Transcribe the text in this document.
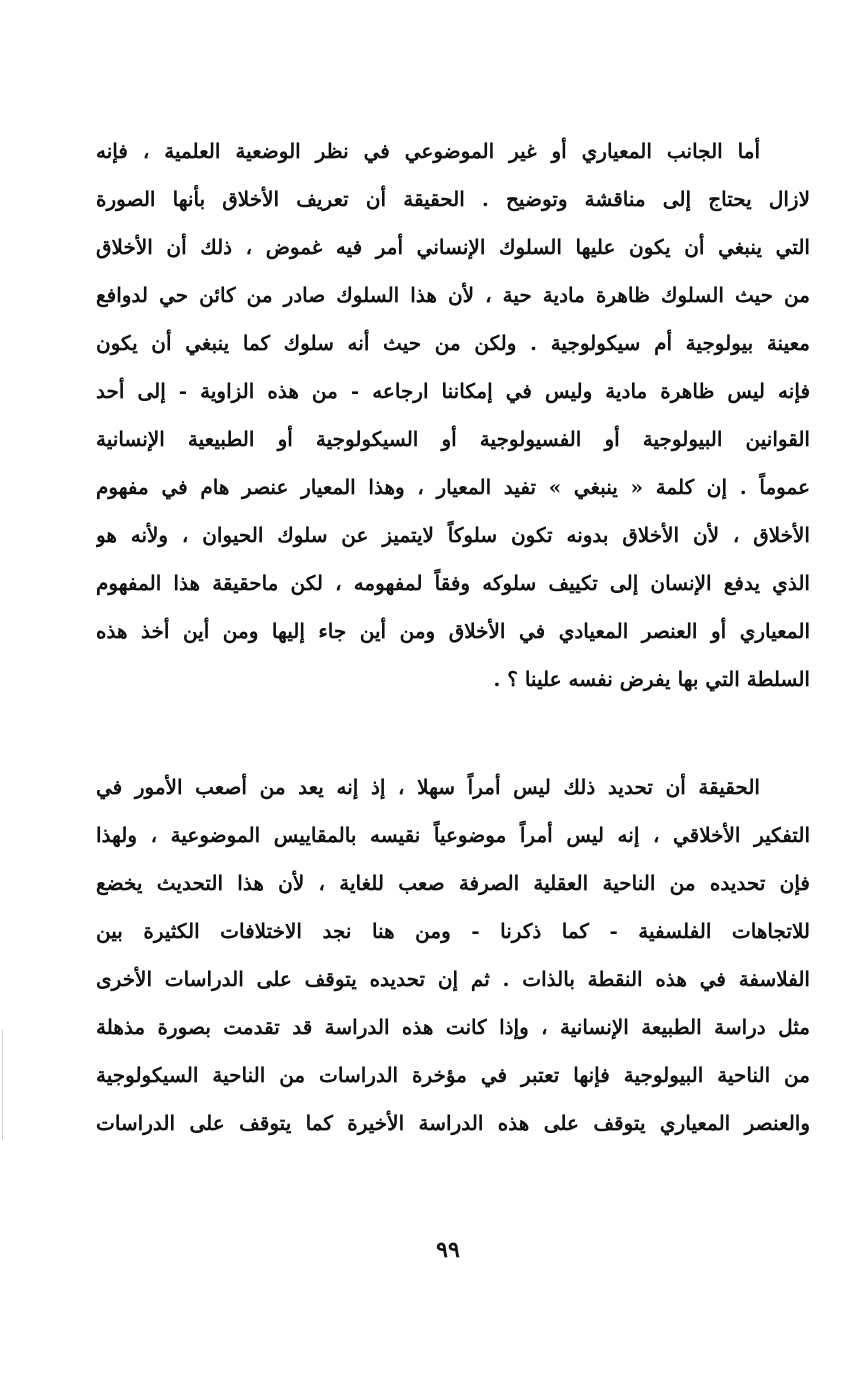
أما الجانب المعياري أو غير الموضوعي في نظر الوضعية العلمية ، فإنه
لازال يحتاج إلى مناقشة وتوضيح . الحقيقة أن تعريف الأخلاق بأنها الصورة
التي ينبغي أن يكون عليها السلوك الإنساني أمر فيه غموض ، ذلك أن الأخلاق
من حيث السلوك ظاهرة مادية حية ، لأن هذا السلوك صادر من كائن حي لدوافع
معينة بيولوجية أم سيكولوجية . ولكن من حيث أنه سلوك كما ينبغي أن يكون
فإنه ليس ظاهرة مادية وليس في إمكاننا ارجاعه - من هذه الزاوية - إلى أحد
القوانين البيولوجية أو الفسيولوجية أو السيكولوجية أو الطبيعية الإنسانية
عموماً . إن كلمة « ينبغي » تفيد المعيار ، وهذا المعيار عنصر هام في مفهوم
الأخلاق ، لأن الأخلاق بدونه تكون سلوكاً لايتميز عن سلوك الحيوان ، ولأنه هو
الذي يدفع الإنسان إلى تكييف سلوكه وفقاً لمفهومه ، لكن ماحقيقة هذا المفهوم
المعياري أو العنصر المعيادي في الأخلاق ومن أين جاء إليها ومن أين أخذ هذه
السلطة التي بها يفرض نفسه علينا ؟ .
الحقيقة أن تحديد ذلك ليس أمراً سهلا ، إذ إنه يعد من أصعب الأمور في
التفكير الأخلاقي ، إنه ليس أمراً موضوعياً نقيسه بالمقاييس الموضوعية ، ولهذا
فإن تحديده من الناحية العقلية الصرفة صعب للغاية ، لأن هذا التحديث يخضع
للاتجاهات الفلسفية - كما ذكرنا - ومن هنا نجد الاختلافات الكثيرة بين
الفلاسفة في هذه النقطة بالذات . ثم إن تحديده يتوقف على الدراسات الأخرى
مثل دراسة الطبيعة الإنسانية ، وإذا كانت هذه الدراسة قد تقدمت بصورة مذهلة
من الناحية البيولوجية فإنها تعتبر في مؤخرة الدراسات من الناحية السيكولوجية
والعنصر المعياري يتوقف على هذه الدراسة الأخيرة كما يتوقف على الدراسات
٩٩
